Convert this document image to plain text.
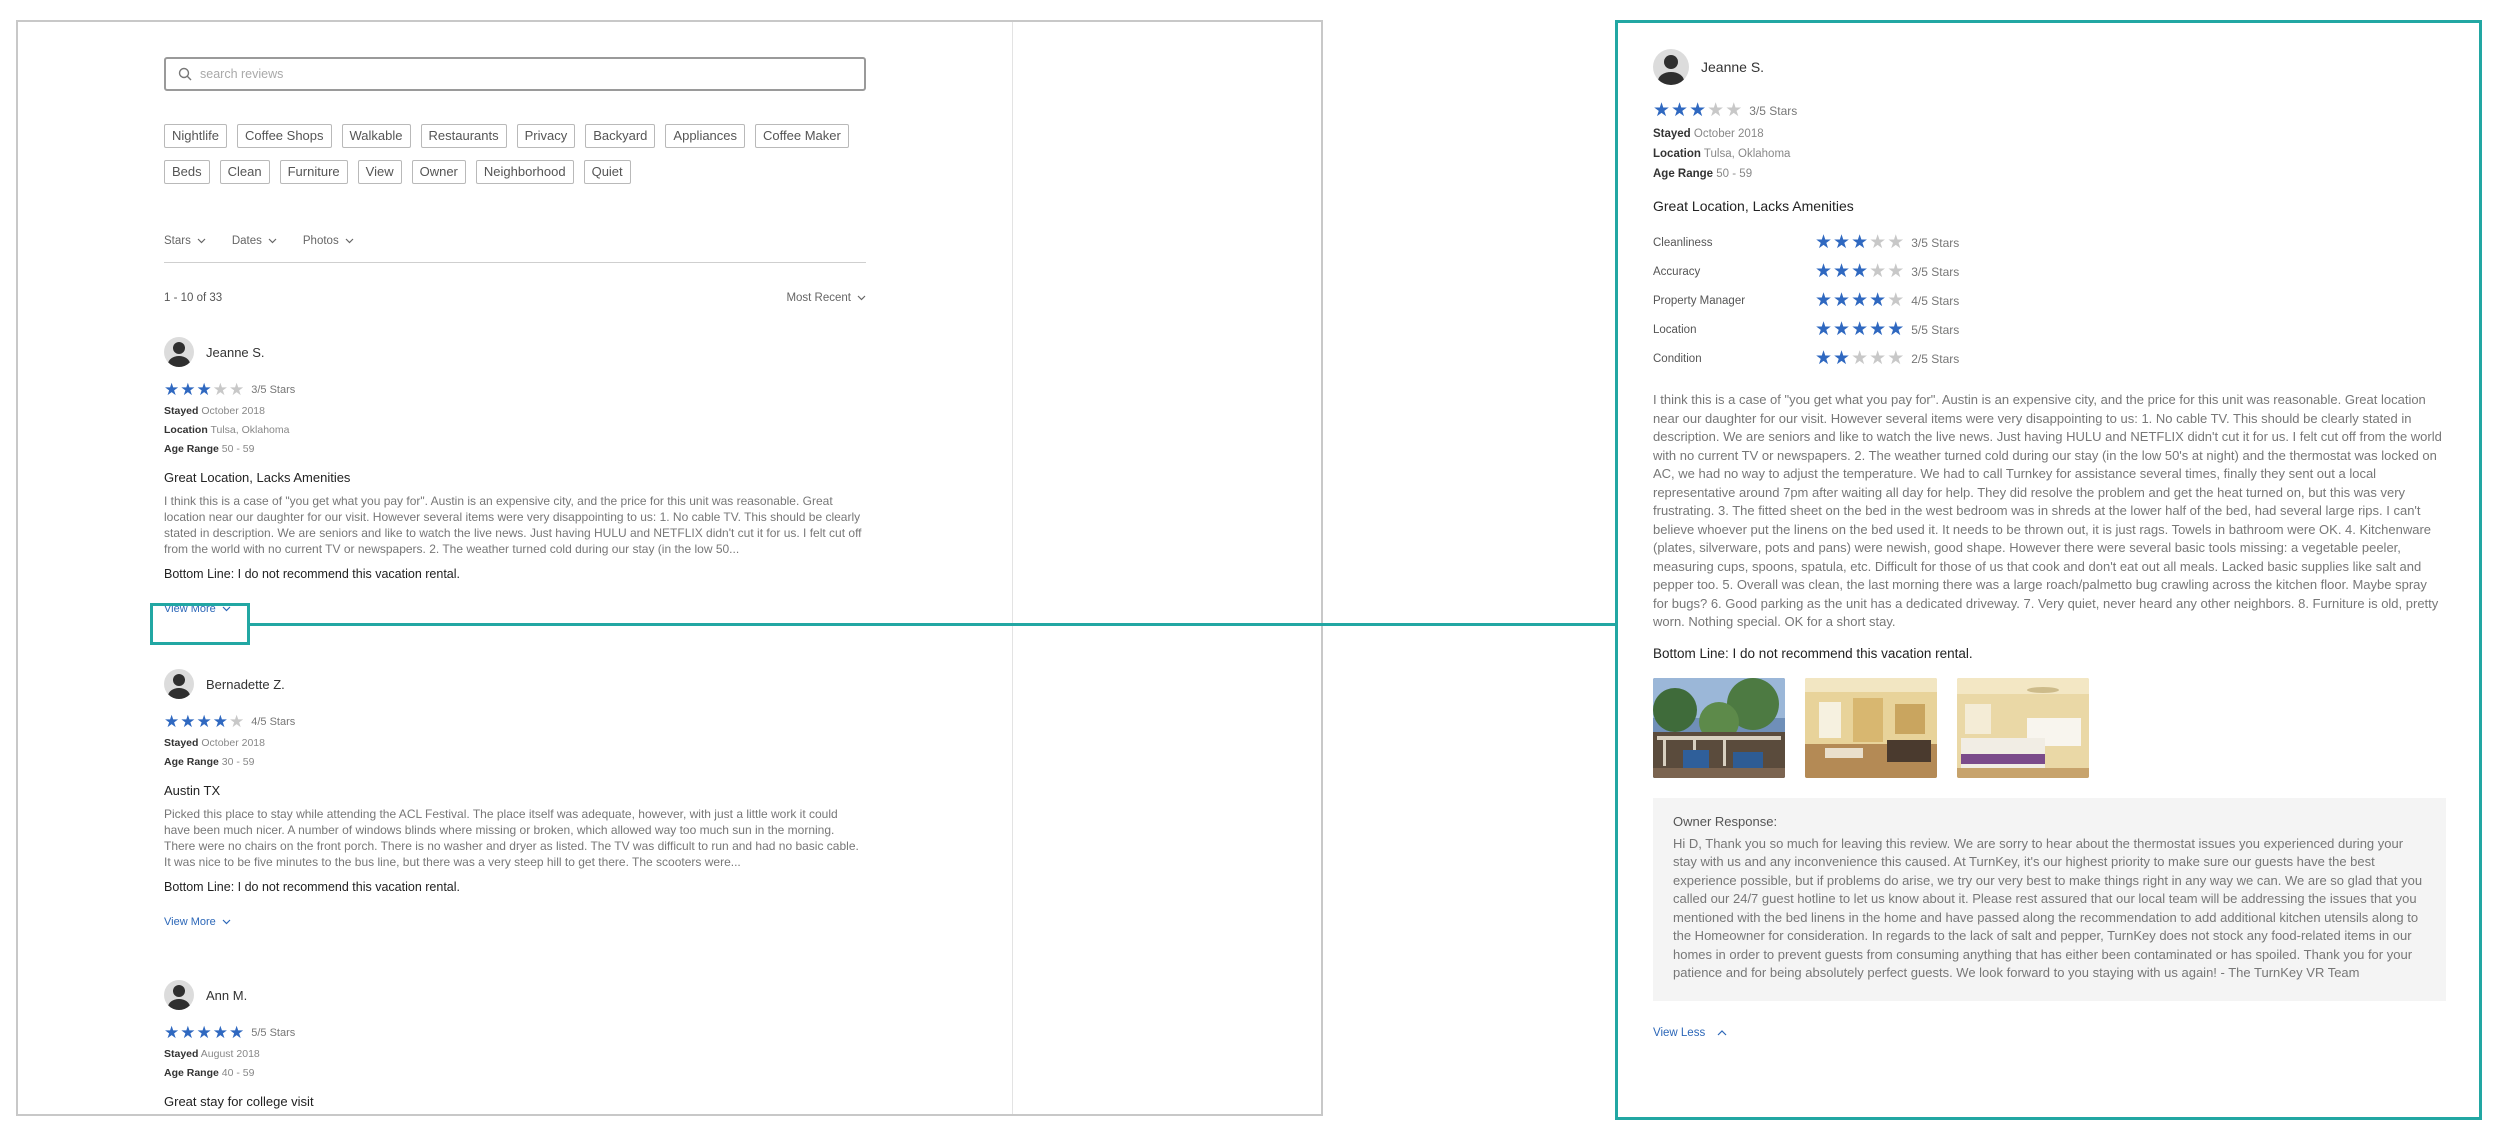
search reviews
Nightlife	Coffee Shops	Walkable	Restaurants	Privacy	Backyard	Appliances	Coffee Maker
Beds	Clean	Furniture	View	Owner	Neighborhood	Quiet
Stars	Dates	Photos
1 - 10 of 33	Most Recent
Jeanne S.
★ ★ ★ ★ ★ 3/5 Stars
Stayed October 2018
Location Tulsa, Oklahoma
Age Range 50 - 59
Great Location, Lacks Amenities
I think this is a case of "you get what you pay for". Austin is an expensive city, and the price for this unit was reasonable. Great location near our daughter for our visit. However several items were very disappointing to us: 1. No cable TV. This should be clearly stated in description. We are seniors and like to watch the live news. Just having HULU and NETFLIX didn't cut it for us. I felt cut off from the world with no current TV or newspapers. 2. The weather turned cold during our stay (in the low 50...
Bottom Line: I do not recommend this vacation rental.
View More
Bernadette Z.
★ ★ ★ ★ ★ 4/5 Stars
Stayed October 2018
Age Range 30 - 59
Austin TX
Picked this place to stay while attending the ACL Festival. The place itself was adequate, however, with just a little work it could have been much nicer. A number of windows blinds where missing or broken, which allowed way too much sun in the morning. There were no chairs on the front porch. There is no washer and dryer as listed. The TV was difficult to run and had no basic cable. It was nice to be five minutes to the bus line, but there was a very steep hill to get there. The scooters were...
Bottom Line: I do not recommend this vacation rental.
View More
Ann M.
★ ★ ★ ★ ★ 5/5 Stars
Stayed August 2018
Age Range 40 - 59
Great stay for college visit
Jeanne S.
★ ★ ★ ★ ★ 3/5 Stars
Stayed October 2018
Location Tulsa, Oklahoma
Age Range 50 - 59
Great Location, Lacks Amenities
Cleanliness	★ ★ ★ ★ ★ 3/5 Stars
Accuracy	★ ★ ★ ★ ★ 3/5 Stars
Property Manager	★ ★ ★ ★ ★ 4/5 Stars
Location	★ ★ ★ ★ ★ 5/5 Stars
Condition	★ ★ ★ ★ ★ 2/5 Stars
I think this is a case of "you get what you pay for". Austin is an expensive city, and the price for this unit was reasonable. Great location near our daughter for our visit. However several items were very disappointing to us: 1. No cable TV. This should be clearly stated in description. We are seniors and like to watch the live news. Just having HULU and NETFLIX didn't cut it for us. I felt cut off from the world with no current TV or newspapers. 2. The weather turned cold during our stay (in the low 50's at night) and the thermostat was locked on AC, we had no way to adjust the temperature. We had to call Turnkey for assistance several times, finally they sent out a local representative around 7pm after waiting all day for help. They did resolve the problem and get the heat turned on, but this was very frustrating. 3. The fitted sheet on the bed in the west bedroom was in shreds at the lower half of the bed, had several large rips. I can't believe whoever put the linens on the bed used it. It needs to be thrown out, it is just rags. Towels in bathroom were OK. 4. Kitchenware (plates, silverware, pots and pans) were newish, good shape. However there were several basic tools missing: a vegetable peeler, measuring cups, spoons, spatula, etc. Difficult for those of us that cook and don't eat out all meals. Lacked basic supplies like salt and pepper too. 5. Overall was clean, the last morning there was a large roach/palmetto bug crawling across the kitchen floor. Maybe spray for bugs? 6. Good parking as the unit has a dedicated driveway. 7. Very quiet, never heard any other neighbors. 8. Furniture is old, pretty worn. Nothing special. OK for a short stay.
Bottom Line: I do not recommend this vacation rental.
Owner Response:
Hi D, Thank you so much for leaving this review. We are sorry to hear about the thermostat issues you experienced during your stay with us and any inconvenience this caused. At TurnKey, it's our highest priority to make sure our guests have the best experience possible, but if problems do arise, we try our very best to make things right in any way we can. We are so glad that you called our 24/7 guest hotline to let us know about it. Please rest assured that our local team will be addressing the issues that you mentioned with the bed linens in the home and have passed along the recommendation to add additional kitchen utensils along to the Homeowner for consideration. In regards to the lack of salt and pepper, TurnKey does not stock any food-related items in our homes in order to prevent guests from consuming anything that has either been contaminated or has spoiled. Thank you for your patience and for being absolutely perfect guests. We look forward to you staying with us again! - The TurnKey VR Team
View Less
